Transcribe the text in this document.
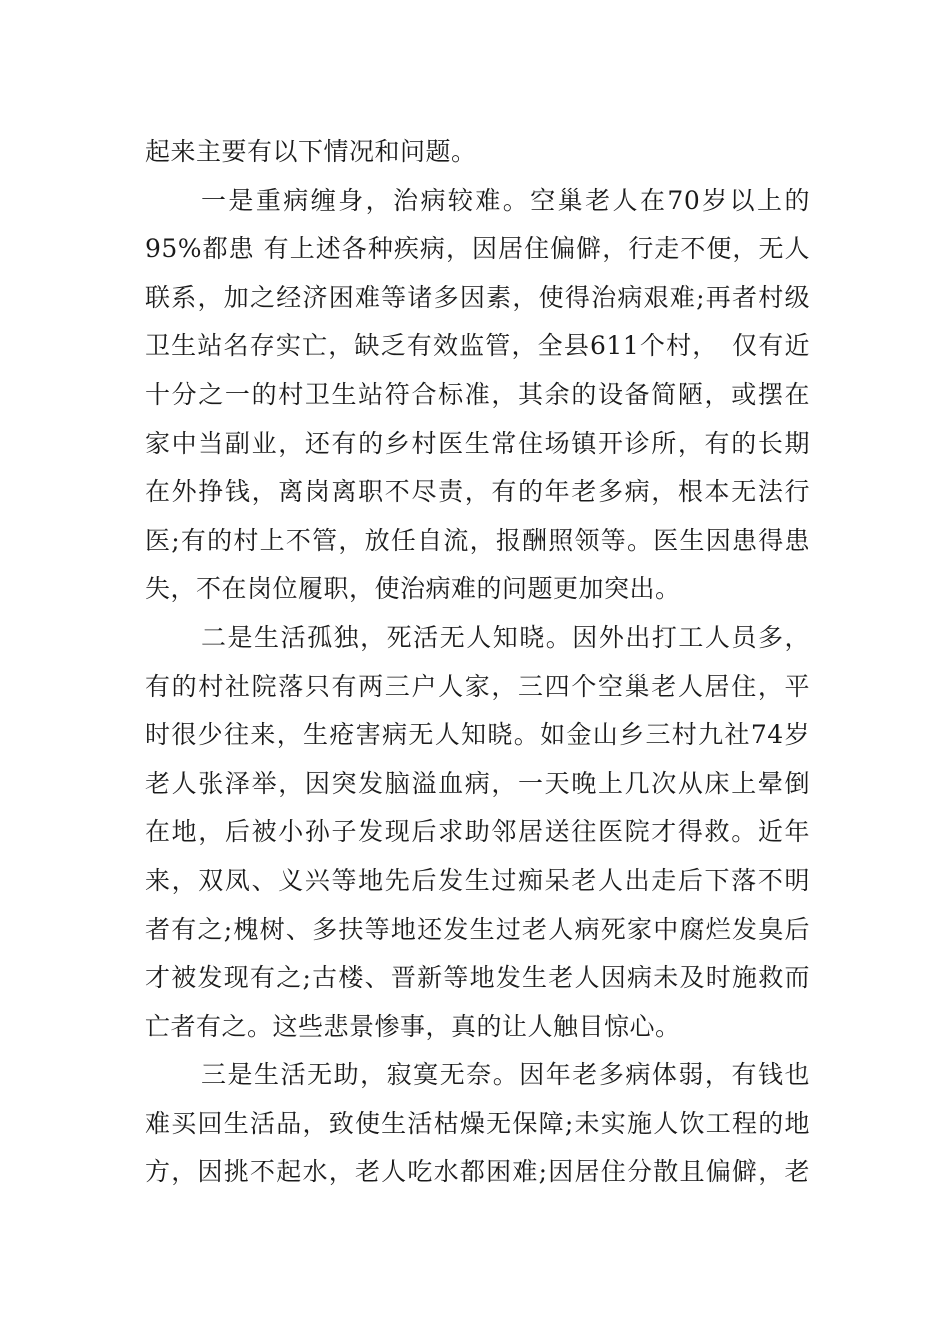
起来主要有以下情况和问题。
一是重病缠身，治病较难。空巢老人在70岁以上的
95%都患 有上述各种疾病，因居住偏僻，行走不便，无人
联系，加之经济困难等诸多因素，使得治病艰难;再者村级
卫生站名存实亡，缺乏有效监管，全县611个村，　仅有近
十分之一的村卫生站符合标准，其余的设备简陋，或摆在
家中当副业，还有的乡村医生常住场镇开诊所，有的长期
在外挣钱，离岗离职不尽责，有的年老多病，根本无法行
医;有的村上不管，放任自流，报酬照领等。医生因患得患
失，不在岗位履职，使治病难的问题更加突出。
二是生活孤独，死活无人知晓。因外出打工人员多，
有的村社院落只有两三户人家，三四个空巢老人居住，平
时很少往来，生疮害病无人知晓。如金山乡三村九社74岁
老人张泽举，因突发脑溢血病，一天晚上几次从床上晕倒
在地，后被小孙子发现后求助邻居送往医院才得救。近年
来，双凤、义兴等地先后发生过痴呆老人出走后下落不明
者有之;槐树、多扶等地还发生过老人病死家中腐烂发臭后
才被发现有之;古楼、晋新等地发生老人因病未及时施救而
亡者有之。这些悲景惨事，真的让人触目惊心。
三是生活无助，寂寞无奈。因年老多病体弱，有钱也
难买回生活品，致使生活枯燥无保障;未实施人饮工程的地
方，因挑不起水，老人吃水都困难;因居住分散且偏僻，老
